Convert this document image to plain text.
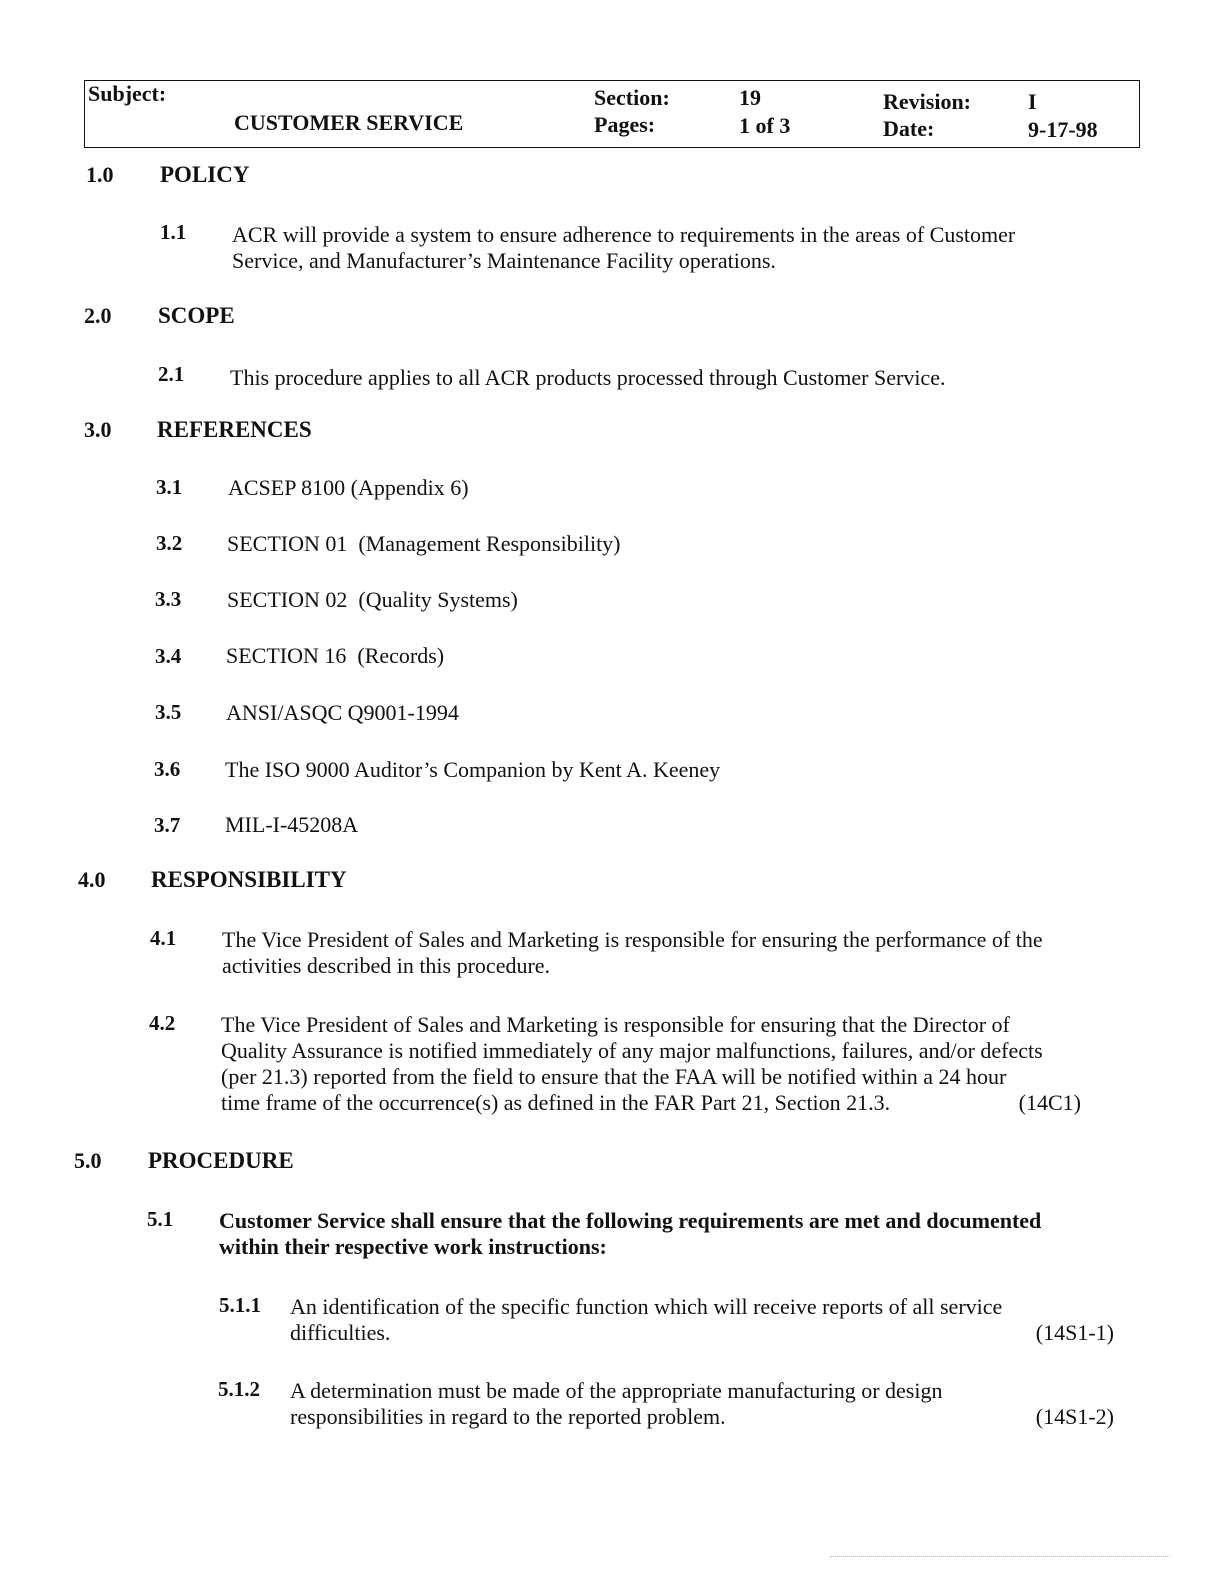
Subject:
CUSTOMER SERVICE
Section:	19
Pages:	1 of 3
Revision:	I
Date:	9-17-98
1.0 POLICY
1.1 ACR will provide a system to ensure adherence to requirements in the areas of Customer
Service, and Manufacturer’s Maintenance Facility operations.
2.0 SCOPE
2.1 This procedure applies to all ACR products processed through Customer Service.
3.0 REFERENCES
3.1 ACSEP 8100 (Appendix 6)
3.2 SECTION 01  (Management Responsibility)
3.3 SECTION 02  (Quality Systems)
3.4 SECTION 16  (Records)
3.5 ANSI/ASQC Q9001-1994
3.6 The ISO 9000 Auditor’s Companion by Kent A. Keeney
3.7 MIL-I-45208A
4.0 RESPONSIBILITY
4.1 The Vice President of Sales and Marketing is responsible for ensuring the performance of the
activities described in this procedure.
4.2 The Vice President of Sales and Marketing is responsible for ensuring that the Director of
Quality Assurance is notified immediately of any major malfunctions, failures, and/or defects
(per 21.3) reported from the field to ensure that the FAA will be notified within a 24 hour
time frame of the occurrence(s) as defined in the FAR Part 21, Section 21.3.	(14C1)
5.0 PROCEDURE
5.1 Customer Service shall ensure that the following requirements are met and documented
within their respective work instructions:
5.1.1 An identification of the specific function which will receive reports of all service
difficulties.	(14S1-1)
5.1.2 A determination must be made of the appropriate manufacturing or design
responsibilities in regard to the reported problem.	(14S1-2)
